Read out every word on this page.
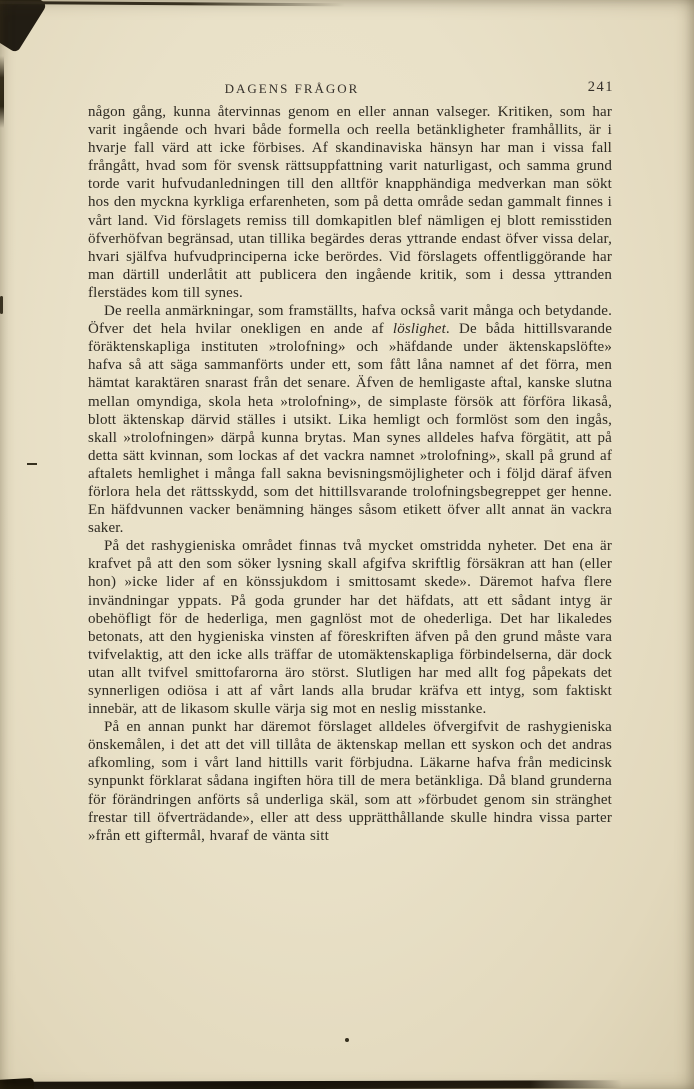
DAGENS FRÅGOR	241

någon gång, kunna återvinnas genom en eller annan valseger. Kritiken, som har varit ingående och hvari både formella och reella betänkligheter framhållits, är i hvarje fall värd att icke förbises. Af skandinaviska hänsyn har man i vissa fall frångått, hvad som för svensk rättsuppfattning varit naturligast, och samma grund torde varit hufvudanledningen till den alltför knapphändiga medverkan man sökt hos den myckna kyrkliga erfarenheten, som på detta område sedan gammalt finnes i vårt land. Vid förslagets remiss till domkapitlen blef nämligen ej blott remisstiden öfverhöfvan begränsad, utan tillika begärdes deras yttrande endast öfver vissa delar, hvari själfva hufvudprinciperna icke berördes. Vid förslagets offentliggörande har man därtill underlåtit att publicera den ingående kritik, som i dessa yttranden flerstädes kom till synes.

De reella anmärkningar, som framställts, hafva också varit många och betydande. Öfver det hela hvilar onekligen en ande af löslighet. De båda hittillsvarande föräktenskapliga instituten »trolofning» och »häfdande under äktenskapslöfte» hafva så att säga sammanförts under ett, som fått låna namnet af det förra, men hämtat karaktären snarast från det senare. Äfven de hemligaste aftal, kanske slutna mellan omyndiga, skola heta »trolofning», de simplaste försök att förföra likaså, blott äktenskap därvid ställes i utsikt. Lika hemligt och formlöst som den ingås, skall »trolofningen» därpå kunna brytas. Man synes alldeles hafva förgätit, att på detta sätt kvinnan, som lockas af det vackra namnet »trolofning», skall på grund af aftalets hemlighet i många fall sakna bevisningsmöjligheter och i följd däraf äfven förlora hela det rättsskydd, som det hittillsvarande trolofningsbegreppet ger henne. En häfdvunnen vacker benämning hänges såsom etikett öfver allt annat än vackra saker.

På det rashygieniska området finnas två mycket omstridda nyheter. Det ena är krafvet på att den som söker lysning skall afgifva skriftlig försäkran att han (eller hon) »icke lider af en könssjukdom i smittosamt skede». Däremot hafva flere invändningar yppats. På goda grunder har det häfdats, att ett sådant intyg är obehöfligt för de hederliga, men gagnlöst mot de ohederliga. Det har likaledes betonats, att den hygieniska vinsten af föreskriften äfven på den grund måste vara tvifvelaktig, att den icke alls träffar de utomäktenskapliga förbindelserna, där dock utan allt tvifvel smittofarorna äro störst. Slutligen har med allt fog påpekats det synnerligen odiösa i att af vårt lands alla brudar kräfva ett intyg, som faktiskt innebär, att de likasom skulle värja sig mot en neslig misstanke.

På en annan punkt har däremot förslaget alldeles öfvergifvit de rashygieniska önskemålen, i det att det vill tillåta de äktenskap mellan ett syskon och det andras afkomling, som i vårt land hittills varit förbjudna. Läkarne hafva från medicinsk synpunkt förklarat sådana ingiften höra till de mera betänkliga. Då bland grunderna för förändringen anförts så underliga skäl, som att »förbudet genom sin stränghet frestar till öfverträdande», eller att dess upprätthållande skulle hindra vissa parter »från ett giftermål, hvaraf de vänta sitt
